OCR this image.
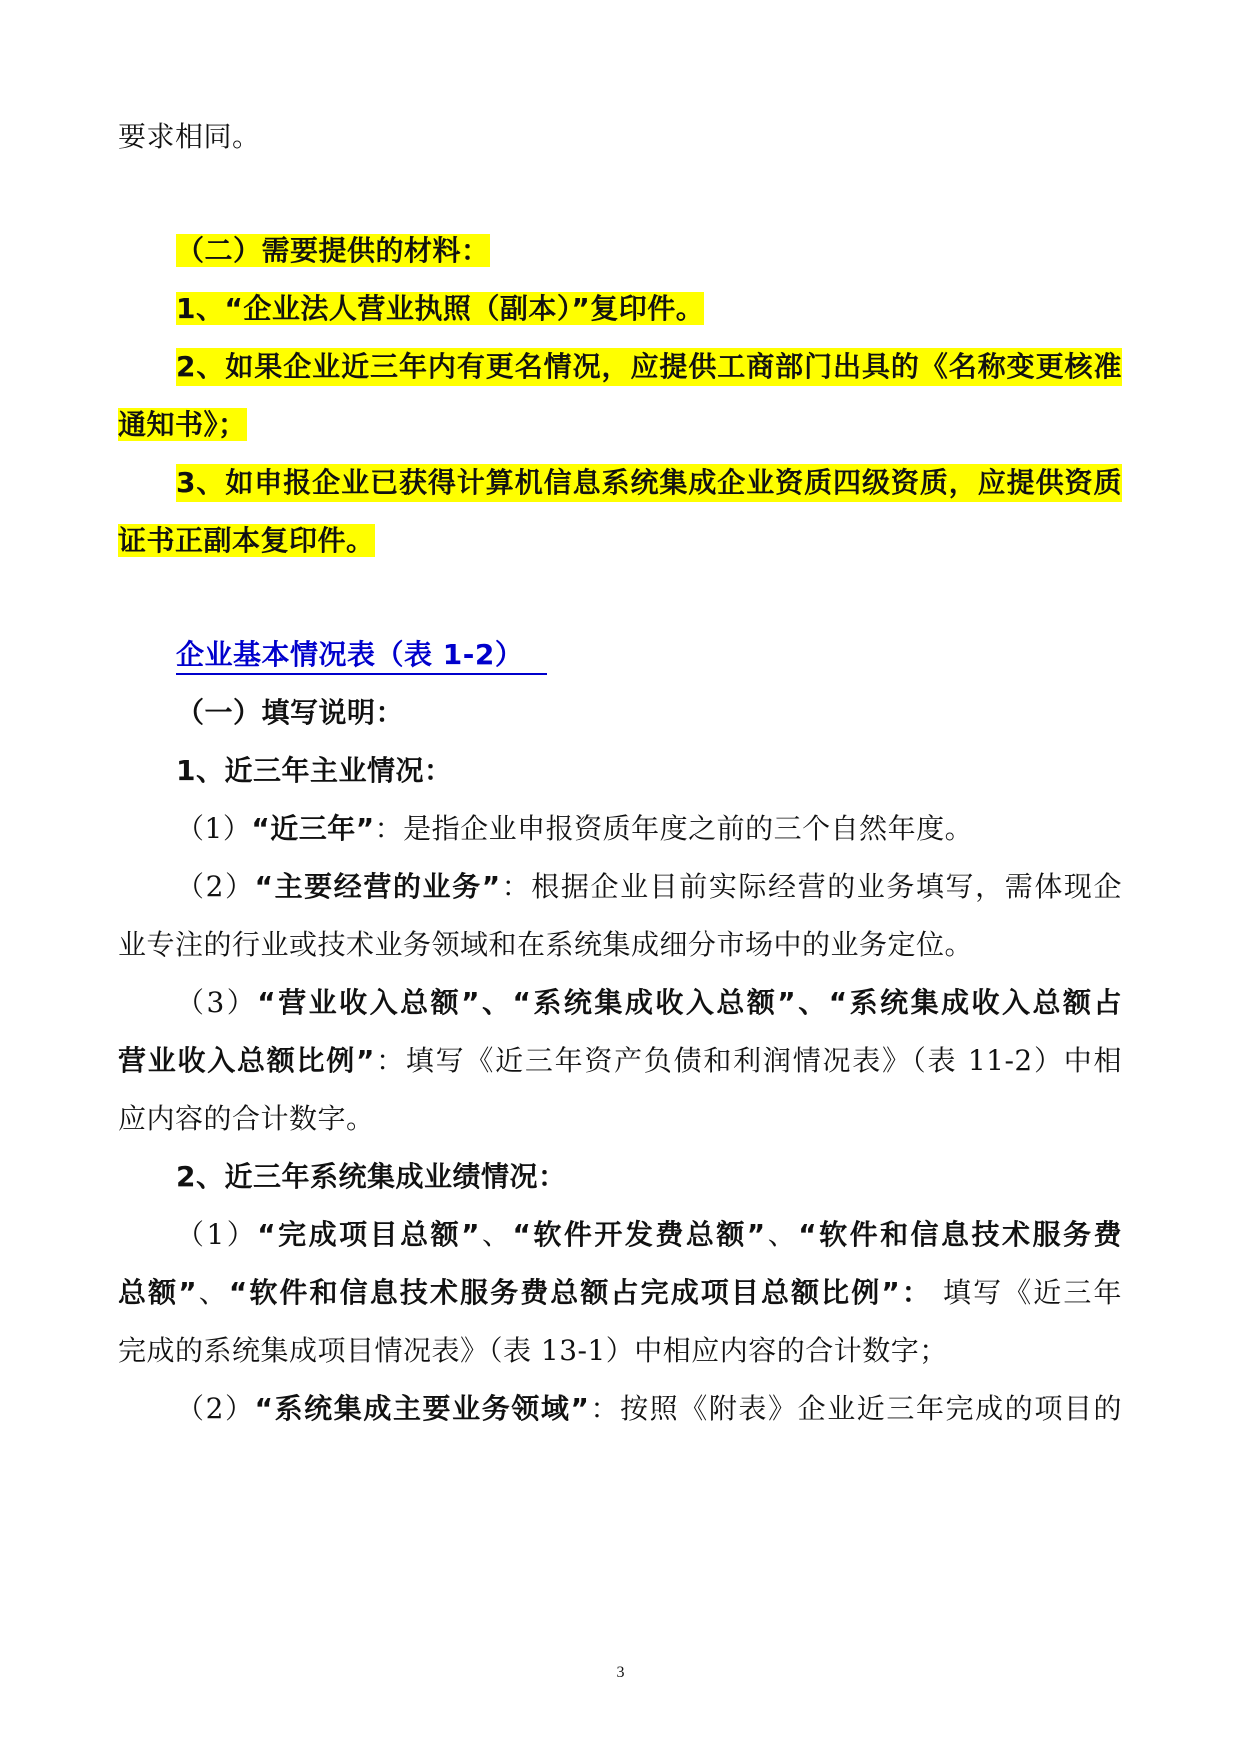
要求相同。
（二）需要提供的材料：
1、“企业法人营业执照（副本）”复印件。
2、如果企业近三年内有更名情况，应提供工商部门出具的《名称变更核准
通知书》；
3、如申报企业已获得计算机信息系统集成企业资质四级资质，应提供资质
证书正副本复印件。
企业基本情况表（表 1-2）
（一）填写说明：
1、近三年主业情况：
（1）“近三年”：是指企业申报资质年度之前的三个自然年度。
（2）“主要经营的业务”：根据企业目前实际经营的业务填写，需体现企
业专注的行业或技术业务领域和在系统集成细分市场中的业务定位。
（3）“营业收入总额”、“系统集成收入总额”、“系统集成收入总额占
营业收入总额比例”：填写《近三年资产负债和利润情况表》（表 11-2）中相
应内容的合计数字。
2、近三年系统集成业绩情况：
（1）“完成项目总额”、“软件开发费总额”、“软件和信息技术服务费
总额”、“软件和信息技术服务费总额占完成项目总额比例”： 填写《近三年
完成的系统集成项目情况表》（表 13-1）中相应内容的合计数字；
（2）“系统集成主要业务领域”：按照《附表》企业近三年完成的项目的
3
